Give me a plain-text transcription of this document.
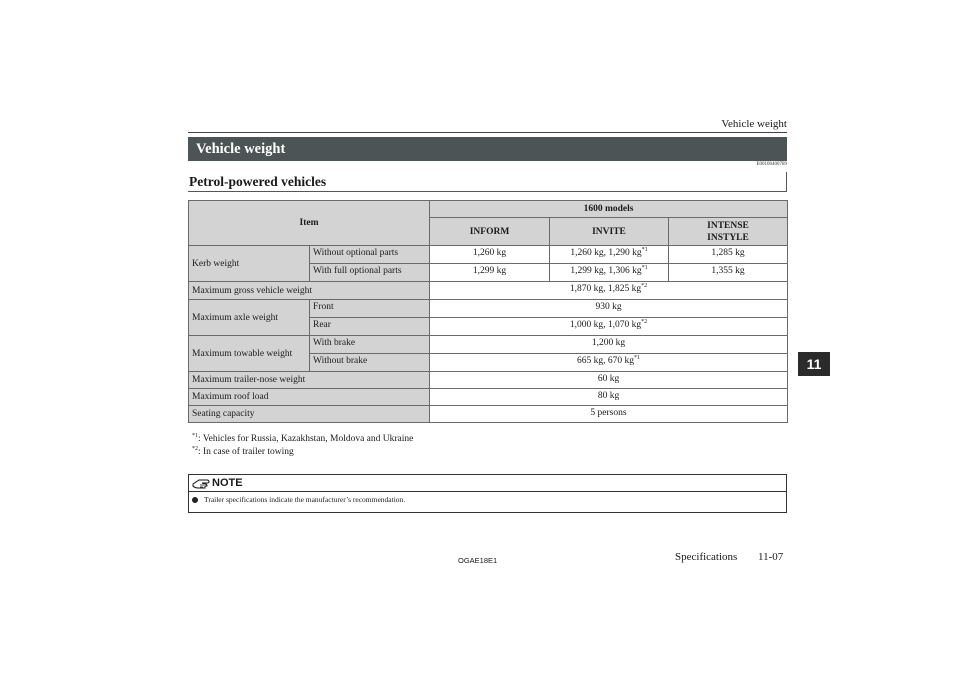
Vehicle weight
Vehicle weight
E00100400789
Petrol-powered vehicles
Item		1600 models		
		INFORM	INVITE	INTENSE
INSTYLE
Kerb weight	Without optional parts	1,260 kg	1,260 kg, 1,290 $kg^{*1}$	1,285 kg
	With full optional parts	1,299 kg	1,299 kg, 1,306 $kg^{*1}$	1,355 kg
Maximum gross vehicle weight		1,870 kg, 1,825 $kg^{*2}$
Maximum axle weight	Front	930 kg		
	Rear	1,000 kg, 1,070 $kg^{*2}$
Maximum towable weight	With brake	1,200 kg		
	Without brake	665 kg, 670 $kg^{*1}$
Maximum trailer-nose weight		60 kg		
Maximum roof load		80 kg		
Seating capacity		5 persons		
$^{*1}$: Vehicles for Russia, Kazakhstan, Moldova and Ukraine
$^{*2}$: In case of trailer towing
NOTE
Trailer specifications indicate the manufacturer’s recommendation.
OGAE18E1	Specifications 11-07
11
